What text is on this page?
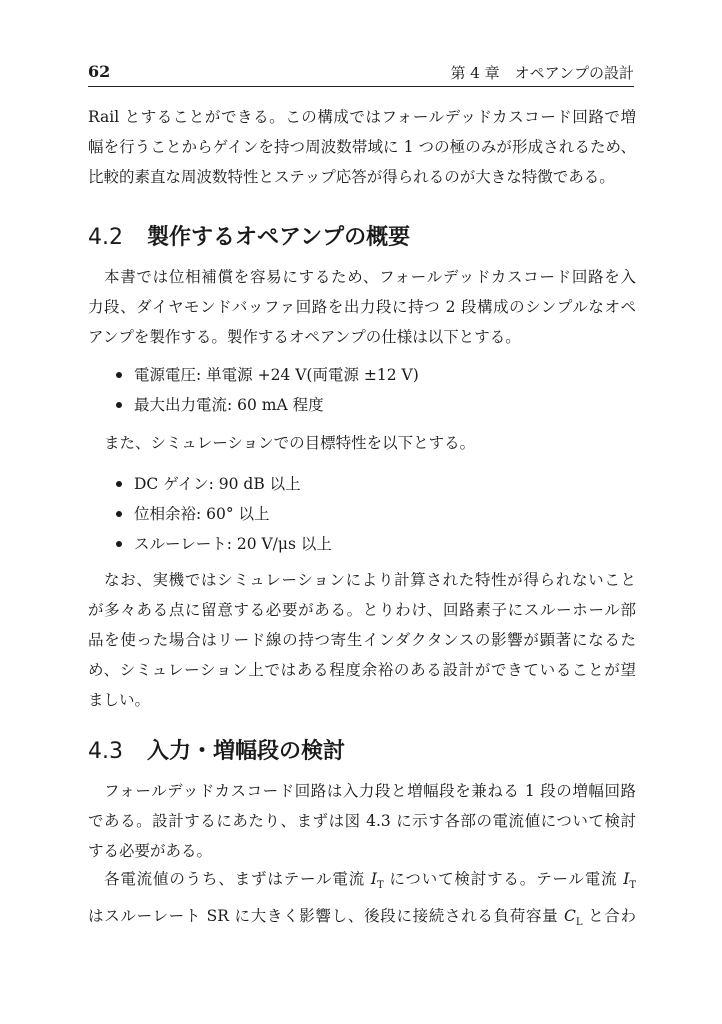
62	第 4 章　オペアンプの設計

Rail とすることができる。この構成ではフォールデッドカスコード回路で増
幅を行うことからゲインを持つ周波数帯域に 1 つの極のみが形成されるため、
比較的素直な周波数特性とステップ応答が得られるのが大きな特徴である。

4.2 製作するオペアンプの概要

本書では位相補償を容易にするため、フォールデッドカスコード回路を入
力段、ダイヤモンドバッファ回路を出力段に持つ 2 段構成のシンプルなオペ
アンプを製作する。製作するオペアンプの仕様は以下とする。

電源電圧: 単電源 +24 V(両電源 ±12 V)
最大出力電流: 60 mA 程度

また、シミュレーションでの目標特性を以下とする。

DC ゲイン: 90 dB 以上
位相余裕: 60° 以上
スルーレート: 20 V/μs 以上

なお、実機ではシミュレーションにより計算された特性が得られないこと
が多々ある点に留意する必要がある。とりわけ、回路素子にスルーホール部
品を使った場合はリード線の持つ寄生インダクタンスの影響が顕著になるた
め、シミュレーション上ではある程度余裕のある設計ができていることが望
ましい。

4.3 入力・増幅段の検討

フォールデッドカスコード回路は入力段と増幅段を兼ねる 1 段の増幅回路
である。設計するにあたり、まずは図 4.3 に示す各部の電流値について検討
する必要がある。

各電流値のうち、まずはテール電流 $I_T$ について検討する。テール電流 $I_T$
はスルーレート SR に大きく影響し、後段に接続される負荷容量 $C_L$ と合わ
